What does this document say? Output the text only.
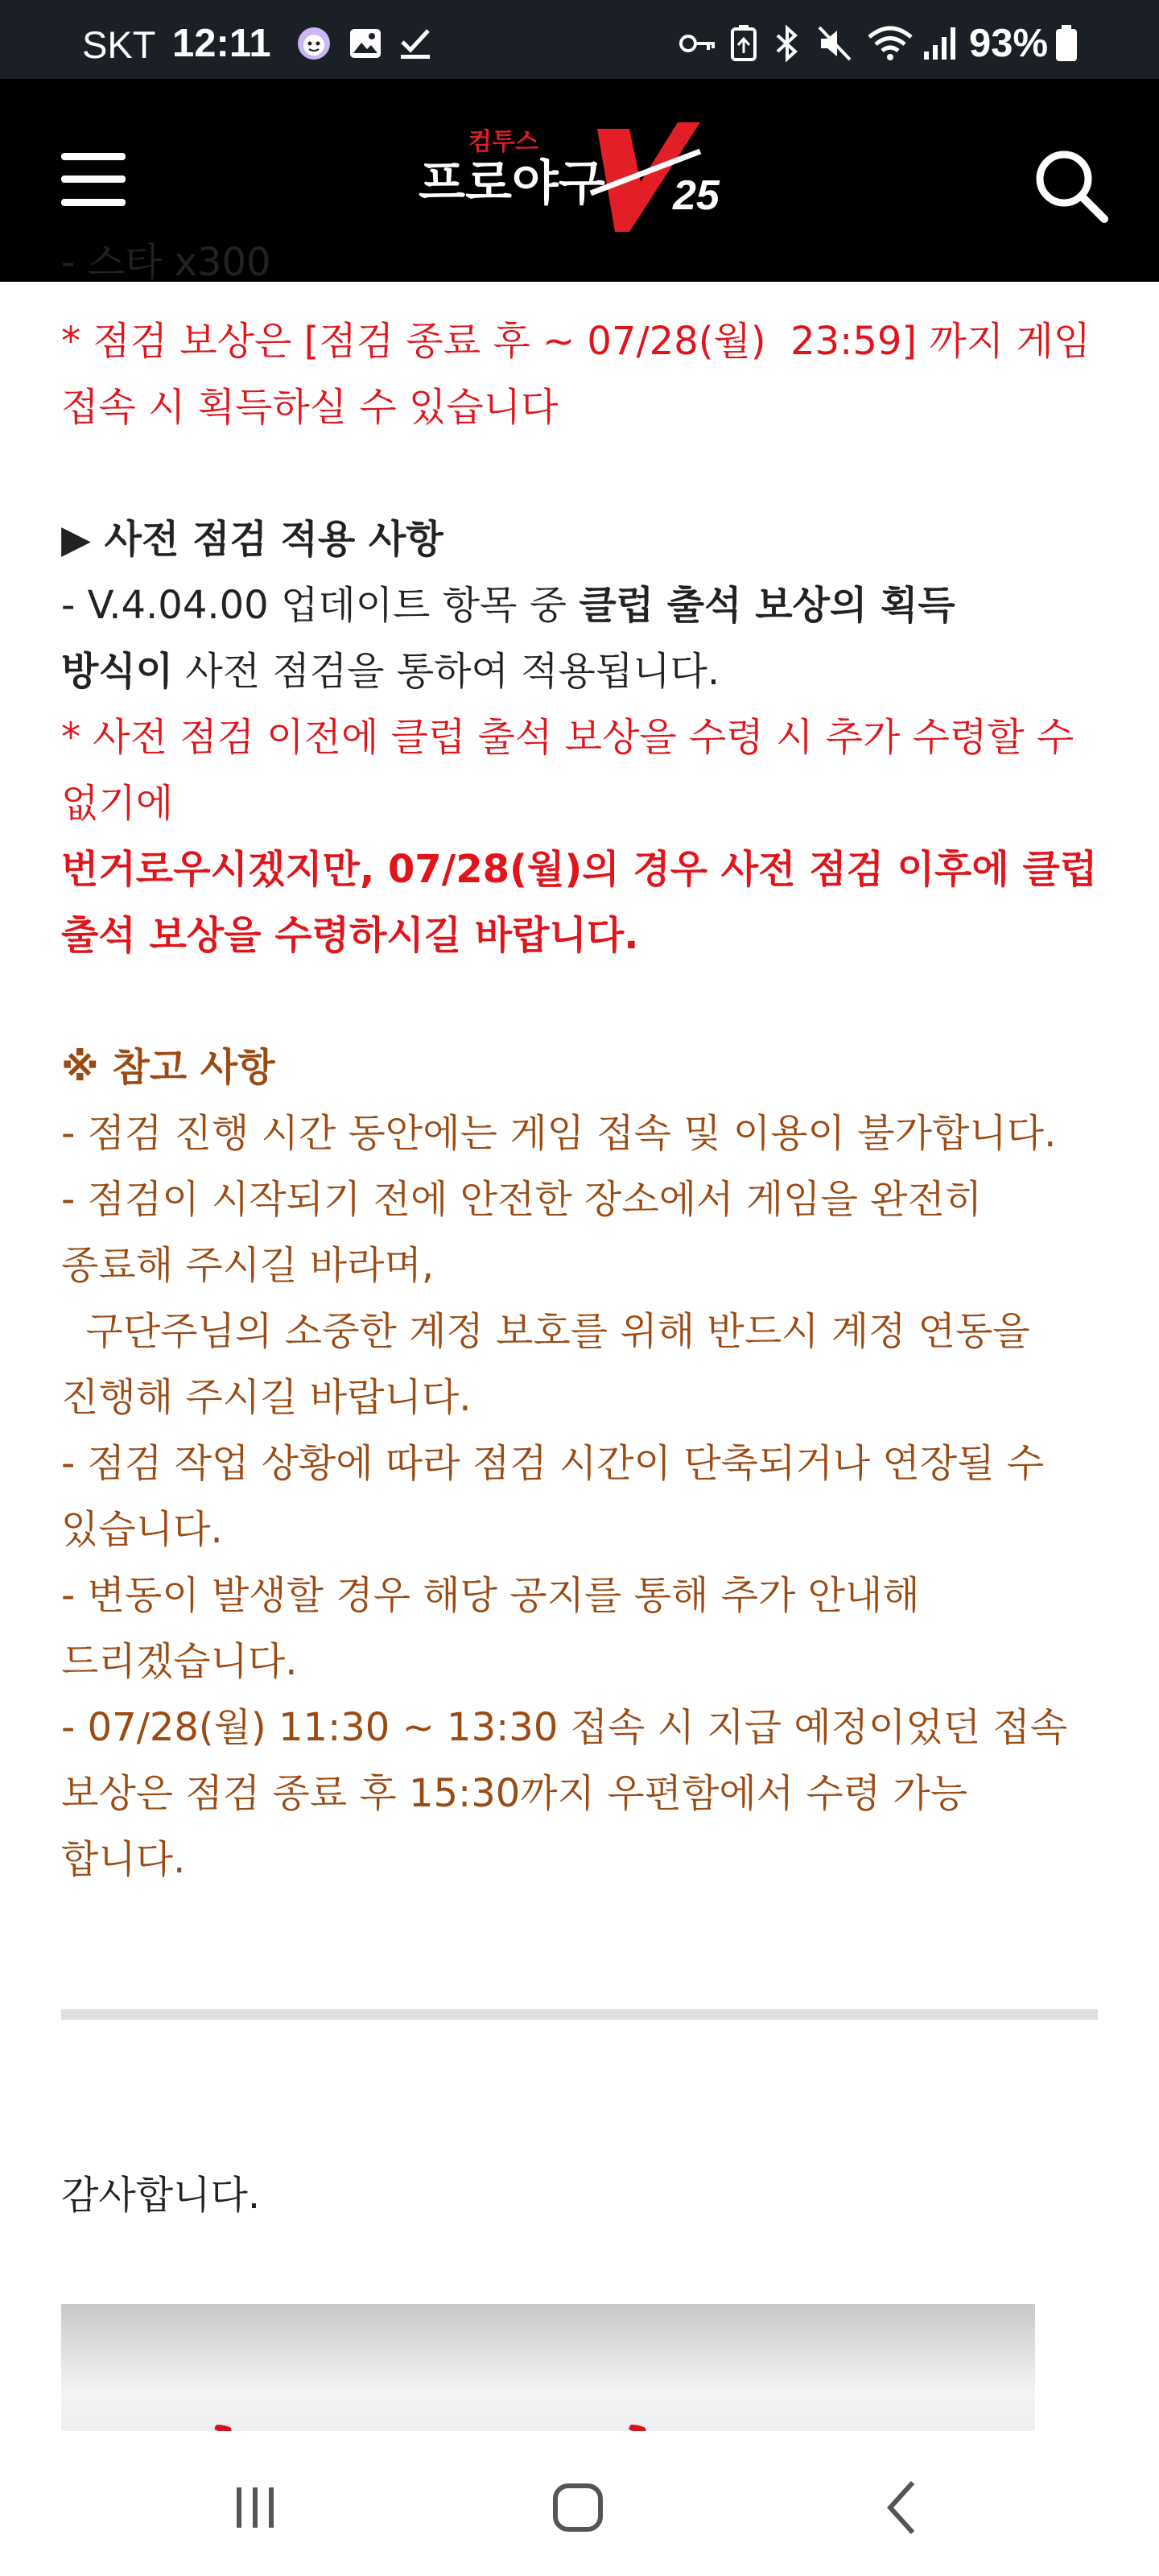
SKT 12:11	93%
컴투스
프로야구 25
- 스타 x300
* 점검 보상은 [점검 종료 후 ~ 07/28(월)  23:59] 까지 게임
접속 시 획득하실 수 있습니다
▶ 사전 점검 적용 사항
- V.4.04.00 업데이트 항목 중 클럽 출석 보상의 획득
방식이 사전 점검을 통하여 적용됩니다.
* 사전 점검 이전에 클럽 출석 보상을 수령 시 추가 수령할 수
없기에
번거로우시겠지만, 07/28(월)의 경우 사전 점검 이후에 클럽
출석 보상을 수령하시길 바랍니다.
※ 참고 사항
- 점검 진행 시간 동안에는 게임 접속 및 이용이 불가합니다.
- 점검이 시작되기 전에 안전한 장소에서 게임을 완전히
종료해 주시길 바라며,
구단주님의 소중한 계정 보호를 위해 반드시 계정 연동을
진행해 주시길 바랍니다.
- 점검 작업 상황에 따라 점검 시간이 단축되거나 연장될 수
있습니다.
- 변동이 발생할 경우 해당 공지를 통해 추가 안내해
드리겠습니다.
- 07/28(월) 11:30 ~ 13:30 접속 시 지급 예정이었던 접속
보상은 점검 종료 후 15:30까지 우편함에서 수령 가능
합니다.
감사합니다.
